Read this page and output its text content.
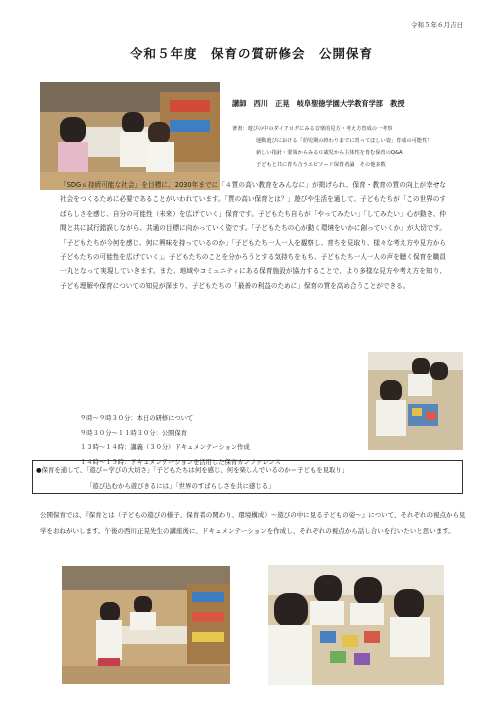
令和５年６月吉日
令和５年度　保育の質研修会　公開保育
講師　西川　正晃　岐阜聖徳学園大学教育学部　教授
著書：遊びの中のダイアログにみる音楽的見方・考え方育成の一考察
運動遊びにおける「幼児期の終わりまでに育ってほしい姿」育成の可能性！
新しい指針・要領からみる０歳児から主体性を育む保育のQ&A
子どもと共に育ち合うエピソード保育者論　その他多数
「SDGｓ持続可能な社会」を目標に、2030年までに「４質の高い教育をみんなに」が掲げられ、保育・教育の質の向上が幸せな社会をつくるために必要であることがいわれています。「質の高い保育とは？」遊びや生活を通して、子どもたちが「この世界のすばらしさを感じ、自分の可能性（未来）を広げていく」保育です。子どもたち自らが「やってみたい」「してみたい」心が動き、仲間と共に試行錯誤しながら、共通の目標に向かっていく姿です。「子どもたちの心が動く環境をいかに創っていくか」が大切です。「子どもたちが今何を感じ、何に興味を持っているのか」「子どもたち一人一人を観察し、育ちを見取り、様々な考え方や見方から子どもたちの可能性を広げていく」。子どもたちのことを分かろうとする気持ちをもち、子どもたち一人一人の声を聴く保育を職員一丸となって実現していきます。また、地域やコミュニティにある保育施設が協力することで、より多様な見方や考え方を知り、子ども理解や保育についての知見が深まり、子どもたちの「最善の利益のために」保育の質を高め合うことができる。
９時～９時３０分：本日の研修について
９時３０分～１１時３０分：公開保育
１３時～１４時：講義（３０分）ドキュメンテーション作成
１４時～１５時：ドキュメンテーションを活用した保育カンファレンス
●保育を通して、「遊び＝学びの大切さ」「子どもたちは何を感じ、何を楽しんでいるのか＝子どもを見取り」
「遊び込むから遊びきるには」「世界のすばらしさを共に感じる」
公開保育では、『保育とは（子どもの遊びの様子、保育者の関わり、環境構成）～遊びの中に見る子どもの姿～』について、それぞれの視点から見学をおねがいします。午後の西川正晃先生の講座後に、ドキュメンテーションを作成し、それぞれの視点から話し合いを行いたいと思います。
